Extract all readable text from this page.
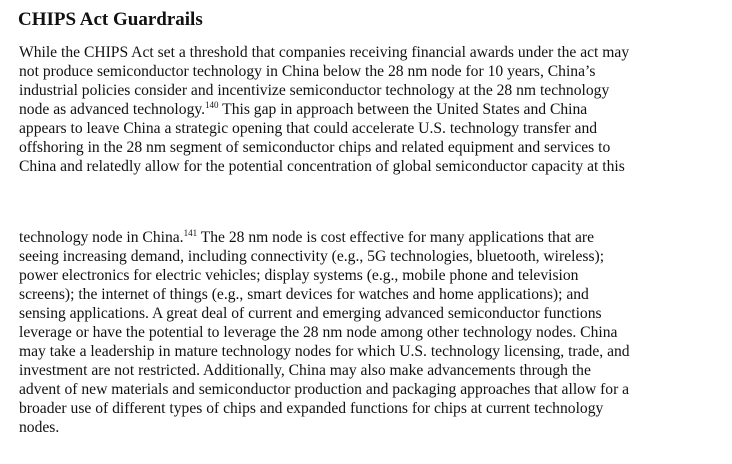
CHIPS Act Guardrails
While the CHIPS Act set a threshold that companies receiving financial awards under the act may
not produce semiconductor technology in China below the 28 nm node for 10 years, China’s
industrial policies consider and incentivize semiconductor technology at the 28 nm technology
node as advanced technology.$^{140}$ This gap in approach between the United States and China
appears to leave China a strategic opening that could accelerate U.S. technology transfer and
offshoring in the 28 nm segment of semiconductor chips and related equipment and services to
China and relatedly allow for the potential concentration of global semiconductor capacity at this
technology node in China.$^{141}$ The 28 nm node is cost effective for many applications that are
seeing increasing demand, including connectivity (e.g., 5G technologies, bluetooth, wireless);
power electronics for electric vehicles; display systems (e.g., mobile phone and television
screens); the internet of things (e.g., smart devices for watches and home applications); and
sensing applications. A great deal of current and emerging advanced semiconductor functions
leverage or have the potential to leverage the 28 nm node among other technology nodes. China
may take a leadership in mature technology nodes for which U.S. technology licensing, trade, and
investment are not restricted. Additionally, China may also make advancements through the
advent of new materials and semiconductor production and packaging approaches that allow for a
broader use of different types of chips and expanded functions for chips at current technology
nodes.
